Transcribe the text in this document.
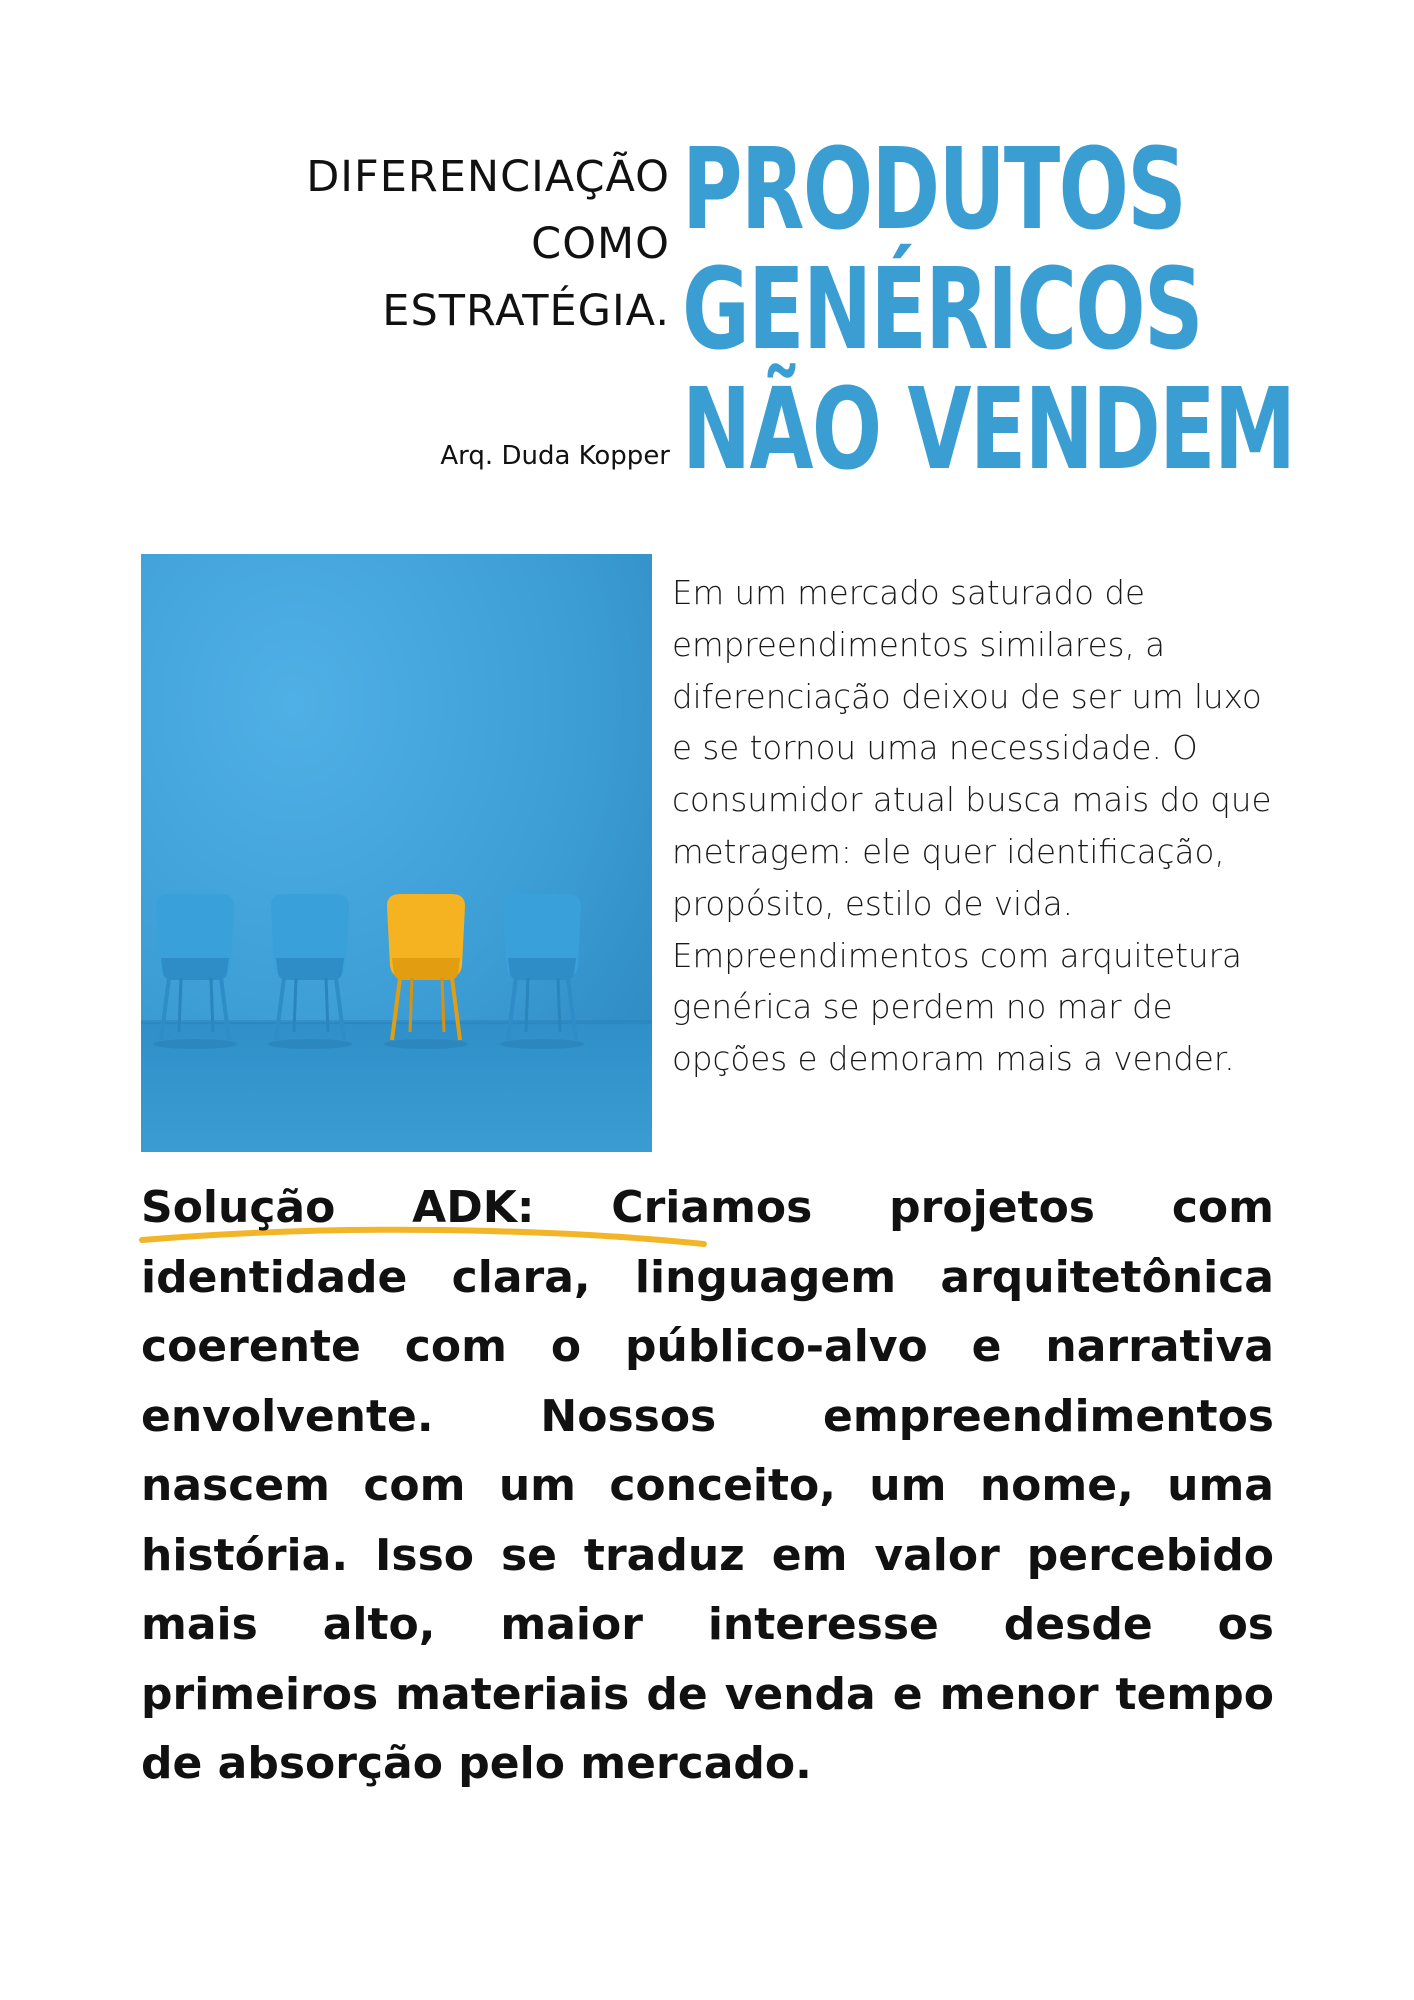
DIFERENCIAÇÃO
COMO
ESTRATÉGIA.
Arq. Duda Kopper
PRODUTOS
GENÉRICOS
NÃO VENDEM
Em um mercado saturado de empreendimentos similares, a diferenciação deixou de ser um luxo e se tornou uma necessidade. O consumidor atual busca mais do que metragem: ele quer identificação, propósito, estilo de vida. Empreendimentos com arquitetura genérica se perdem no mar de opções e demoram mais a vender.
Solução ADK: Criamos projetos com identidade clara, linguagem arquitetônica coerente com o público-alvo e narrativa envolvente. Nossos empreendimentos nascem com um conceito, um nome, uma história. Isso se traduz em valor percebido mais alto, maior interesse desde os primeiros materiais de venda e menor tempo de absorção pelo mercado.
